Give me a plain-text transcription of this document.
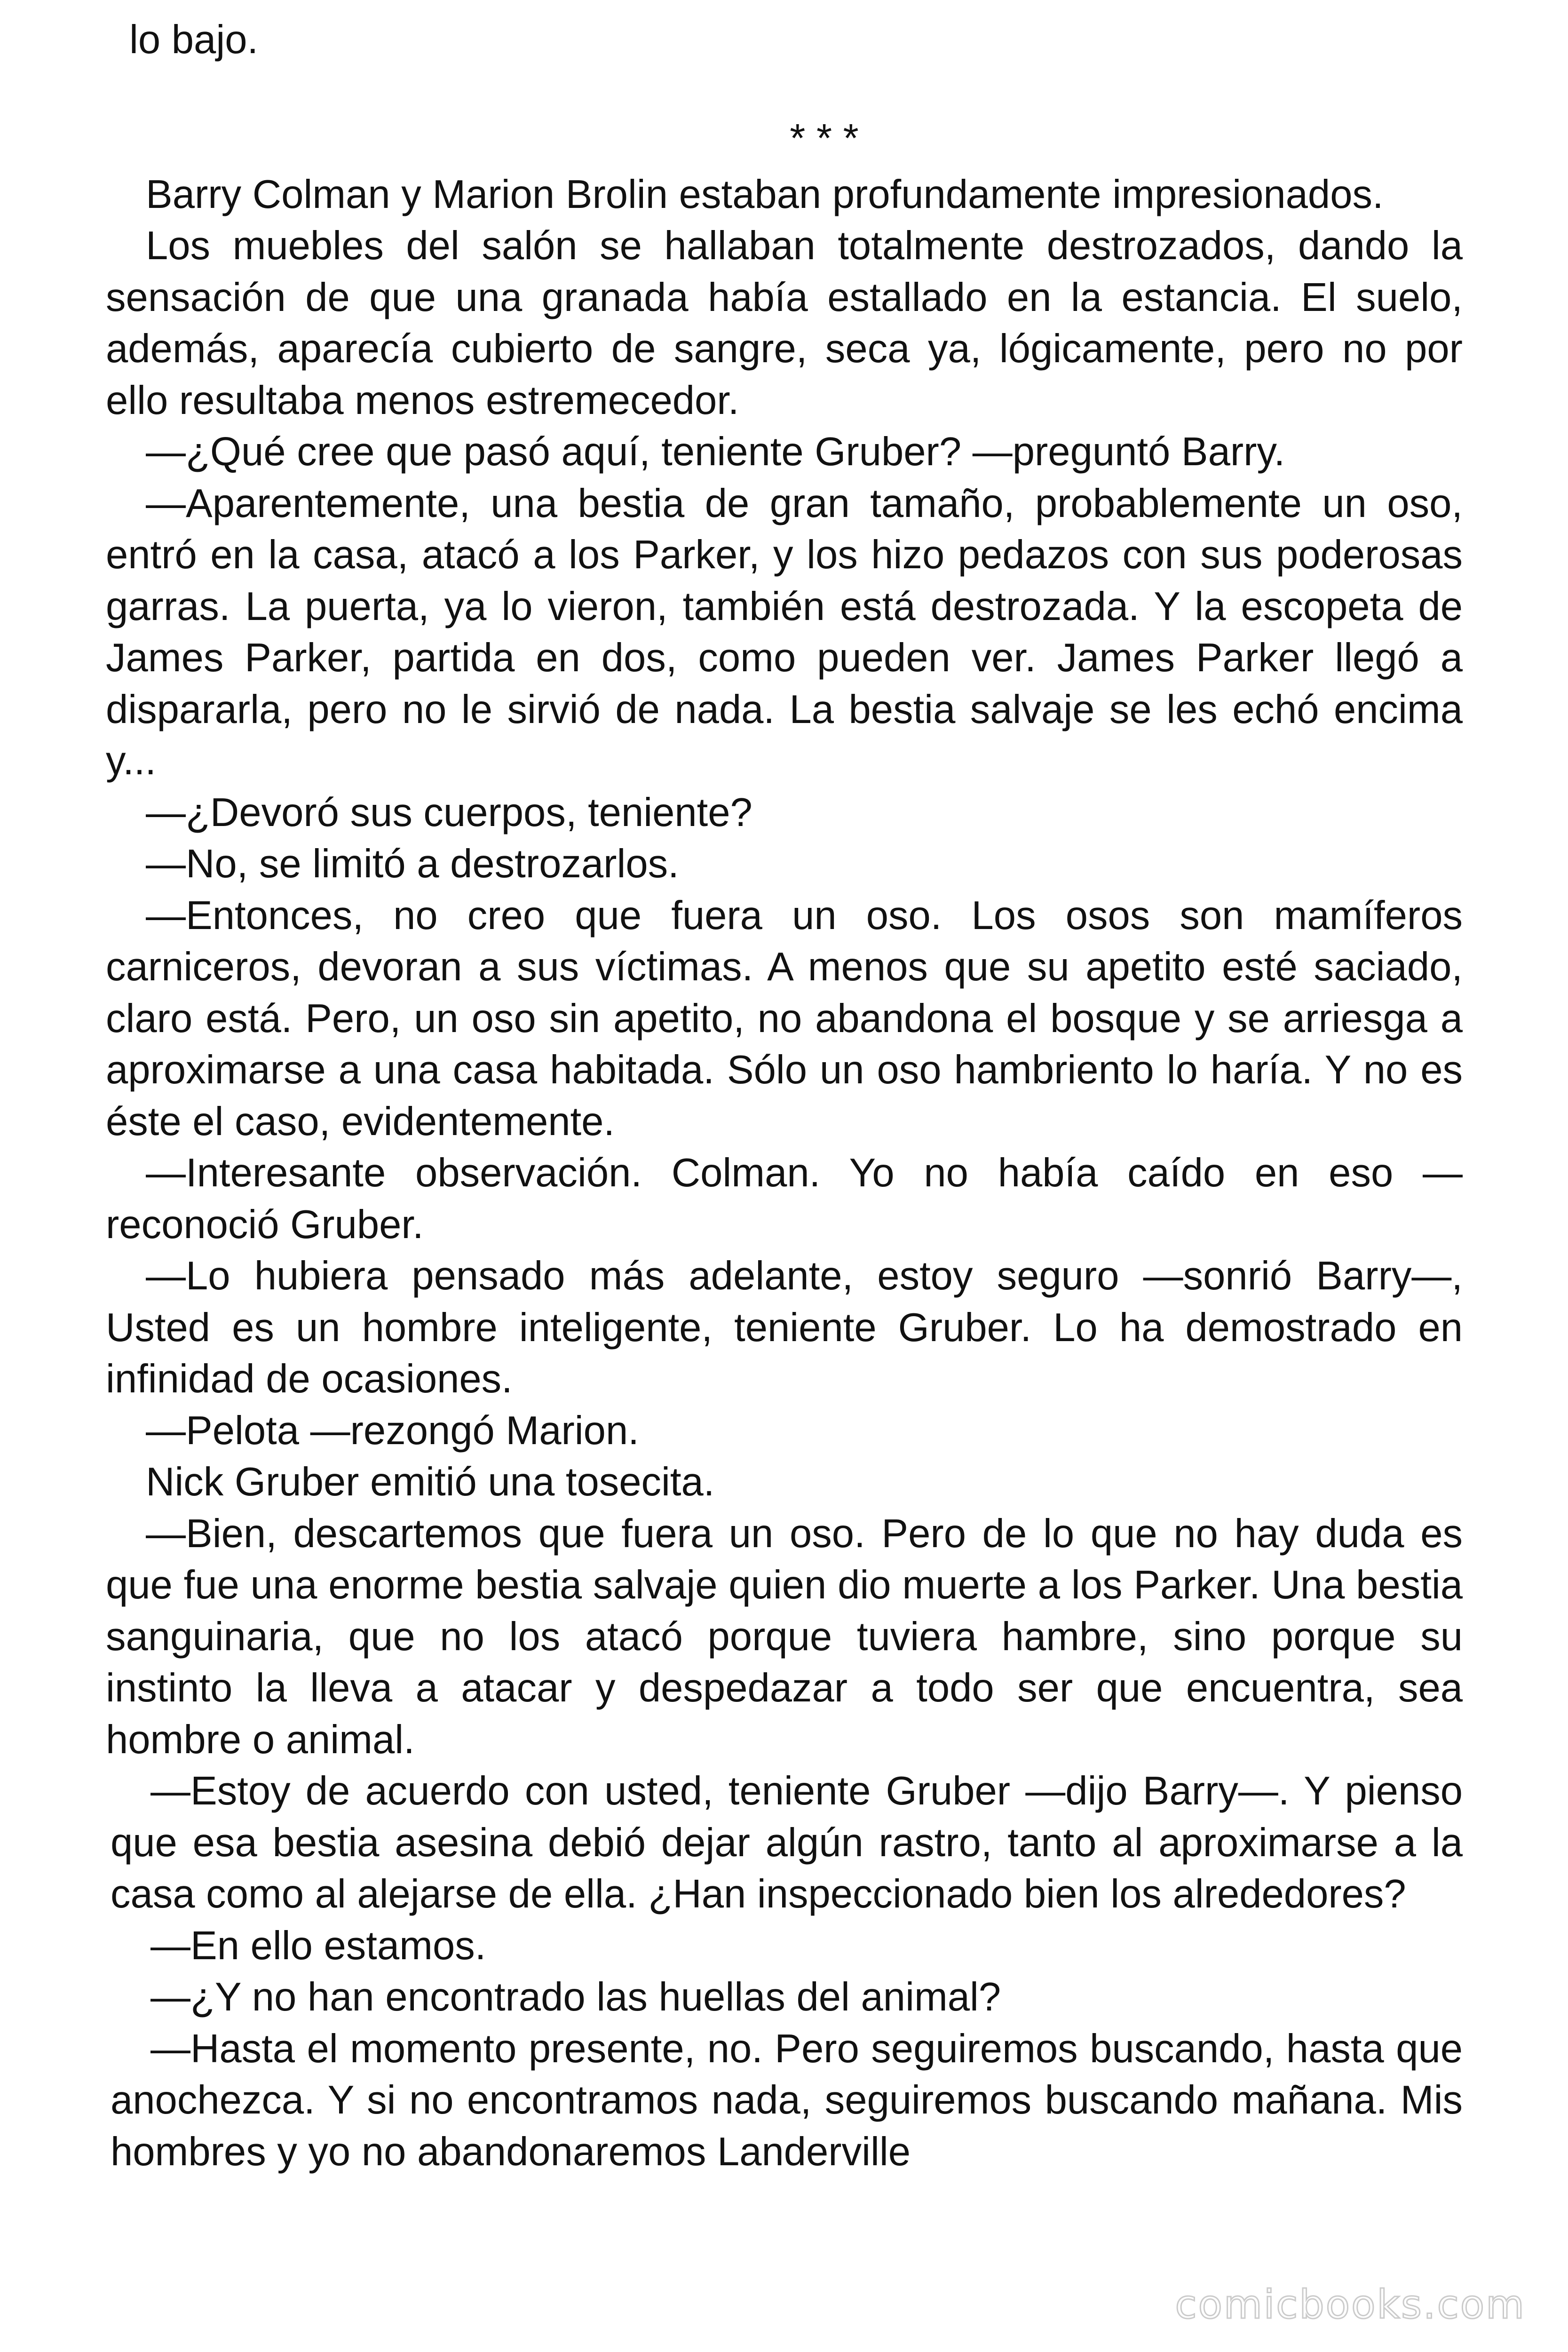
lo bajo.

* * *

Barry Colman y Marion Brolin estaban profundamente impresionados.

Los muebles del salón se hallaban totalmente destrozados, dando la sensación de que una granada había estallado en la estancia. El suelo, además, aparecía cubierto de sangre, seca ya, lógicamente, pero no por ello resultaba menos estremecedor.

—¿Qué cree que pasó aquí, teniente Gruber? —preguntó Barry.

—Aparentemente, una bestia de gran tamaño, probablemente un oso, entró en la casa, atacó a los Parker, y los hizo pedazos con sus poderosas garras. La puerta, ya lo vieron, también está destrozada. Y la escopeta de James Parker, partida en dos, como pueden ver. James Parker llegó a dispararla, pero no le sirvió de nada. La bestia salvaje se les echó encima y...

—¿Devoró sus cuerpos, teniente?

—No, se limitó a destrozarlos.

—Entonces, no creo que fuera un oso. Los osos son mamíferos carniceros, devoran a sus víctimas. A menos que su apetito esté saciado, claro está. Pero, un oso sin apetito, no abandona el bosque y se arriesga a aproximarse a una casa habitada. Sólo un oso hambriento lo haría. Y no es éste el caso, evidentemente.

—Interesante observación. Colman. Yo no había caído en eso —reconoció Gruber.

—Lo hubiera pensado más adelante, estoy seguro —sonrió Barry—, Usted es un hombre inteligente, teniente Gruber. Lo ha demostrado en infinidad de ocasiones.

—Pelota —rezongó Marion.

Nick Gruber emitió una tosecita.

—Bien, descartemos que fuera un oso. Pero de lo que no hay duda es que fue una enorme bestia salvaje quien dio muerte a los Parker. Una bestia sanguinaria, que no los atacó porque tuviera hambre, sino porque su instinto la lleva a atacar y despedazar a todo ser que encuentra, sea hombre o animal.

—Estoy de acuerdo con usted, teniente Gruber —dijo Barry—. Y pienso que esa bestia asesina debió dejar algún rastro, tanto al aproximarse a la casa como al alejarse de ella. ¿Han inspeccionado bien los alrededores?

—En ello estamos.

—¿Y no han encontrado las huellas del animal?

—Hasta el momento presente, no. Pero seguiremos buscando, hasta que anochezca. Y si no encontramos nada, seguiremos buscando mañana. Mis hombres y yo no abandonaremos Landerville

comicbooks.com
